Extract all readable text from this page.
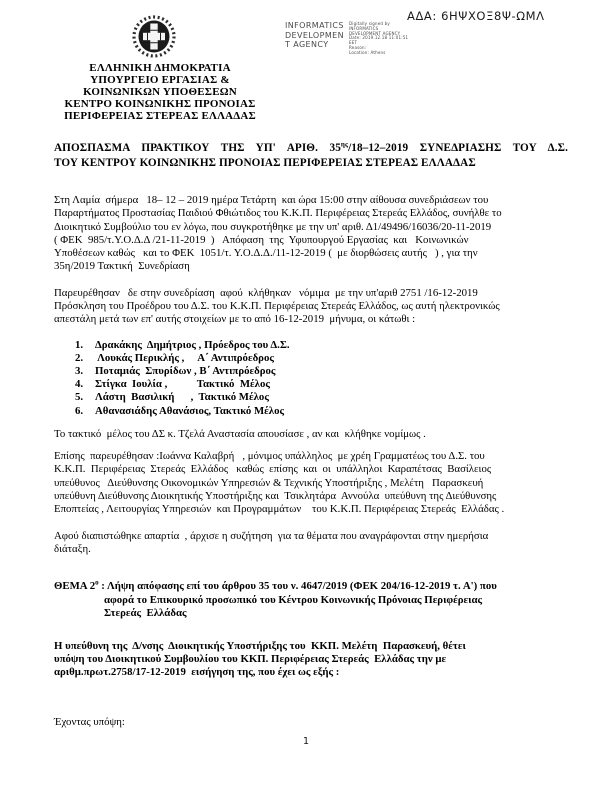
INFORMATICS
DEVELOPMEN
T AGENCY
Digitally signed by
INFORMATICS
DEVELOPMENT AGENCY
Date: 2019.12.18 11:01:51
EET
Reason:
Location: Athens
ΑΔΑ: 6ΗΨΧΟΞ8Ψ-ΩΜΛ
ΕΛΛΗΝΙΚΗ ΔΗΜΟΚΡΑΤΙΑ
ΥΠΟΥΡΓΕΙΟ ΕΡΓΑΣΙΑΣ &
ΚΟΙΝΩΝΙΚΩΝ ΥΠΟΘΕΣΕΩΝ
ΚΕΝΤΡΟ ΚΟΙΝΩΝΙΚΗΣ ΠΡΟΝΟΙΑΣ
ΠΕΡΙΦΕΡΕΙΑΣ ΣΤΕΡΕΑΣ ΕΛΛΑΔΑΣ
ΑΠΟΣΠΑΣΜΑ ΠΡΑΚΤΙΚΟΥ ΤΗΣ ΥΠ' ΑΡΙΘ. $35^{\eta\varsigma}/18-12-2019$ ΣΥΝΕΔΡΙΑΣΗΣ ΤΟΥ Δ.Σ.
ΤΟΥ ΚΕΝΤΡΟΥ ΚΟΙΝΩΝΙΚΗΣ ΠΡΟΝΟΙΑΣ ΠΕΡΙΦΕΡΕΙΑΣ ΣΤΕΡΕΑΣ ΕΛΛΑΔΑΣ
Στη Λαμία  σήμερα   18– 12 – 2019 ημέρα Τετάρτη  και ώρα 15:00 στην αίθουσα συνεδριάσεων του
Παραρτήματος Προστασίας Παιδιού Φθιώτιδος του Κ.Κ.Π. Περιφέρειας Στερεάς Ελλάδος, συνήλθε το
Διοικητικό Συμβούλιο του εν λόγω, που συγκροτήθηκε με την υπ' αριθ. Δ1/49496/16036/20-11-2019
( ΦΕΚ  985/τ.Υ.Ο.Δ.Δ /21-11-2019  )   Απόφαση  της  Υφυπουργού Εργασίας  και   Κοινωνικών
Υποθέσεων καθώς   και το ΦΕΚ  1051/τ. Υ.Ο.Δ.Δ./11-12-2019 (  με διορθώσεις αυτής   ) , για την
35η/2019 Τακτική  Συνεδρίαση
Παρευρέθησαν   δε στην συνεδρίαση  αφού  κλήθηκαν   νόμιμα  με την υπ'αριθ 2751 /16-12-2019
Πρόσκληση του Προέδρου του Δ.Σ. του Κ.Κ.Π. Περιφέρειας Στερεάς Ελλάδος, ως αυτή ηλεκτρονικώς
απεστάλη μετά των επ' αυτής στοιχείων με το από 16-12-2019  μήνυμα, οι κάτωθι :
1.	Δρακάκης  Δημήτριος , Πρόεδρος του Δ.Σ.
2.	Λουκάς Περικλής ,     Α΄ Αντιπρόεδρος
3.	Ποταμιάς  Σπυρίδων , Β΄ Αντιπρόεδρος
4.	Στίγκα  Ιουλία ,           Τακτικό  Μέλος
5.	Λάστη  Βασιλική      ,  Τακτικό Μέλος
6.	Αθανασιάδης Αθανάσιος, Τακτικό Μέλος
Το τακτικό  μέλος του ΔΣ κ. Τζελά Αναστασία απουσίασε , αν και  κλήθηκε νομίμως .
Επίσης  παρευρέθησαν :Ιωάννα Καλαβρή   , μόνιμος υπάλληλος  με χρέη Γραμματέως του Δ.Σ. του
Κ.Κ.Π.  Περιφέρειας  Στερεάς  Ελλάδος   καθώς  επίσης  και  οι  υπάλληλοι  Καραπέτσας  Βασίλειος
υπεύθυνος   Διεύθυνσης Οικονομικών Υπηρεσιών & Τεχνικής Υποστήριξης , Μελέτη   Παρασκευή
υπεύθυνη Διεύθυνσης Διοικητικής Υποστήριξης και  Τσικλητάρα  Αννούλα  υπεύθυνη της Διεύθυνσης
Εποπτείας , Λειτουργίας Υπηρεσιών  και Προγραμμάτων    του Κ.Κ.Π. Περιφέρειας Στερεάς  Ελλάδας .
Αφού διαπιστώθηκε απαρτία  , άρχισε η συζήτηση  για τα θέματα που αναγράφονται στην ημερήσια
διάταξη.
ΘΕΜΑ $2^o$ : Λήψη απόφασης επί του άρθρου 35 του ν. 4647/2019 (ΦΕΚ 204/16-12-2019 τ. Α') που
αφορά το Επικουρικό προσωπικό του Κέντρου Κοινωνικής Πρόνοιας Περιφέρειας
Στερεάς  Ελλάδας
Η υπεύθυνη της  Δ/νσης  Διοικητικής Υποστήριξης του  ΚΚΠ. Μελέτη  Παρασκευή, θέτει
υπόψη του Διοικητικού Συμβουλίου του ΚΚΠ. Περιφέρειας Στερεάς  Ελλάδας την με
αριθμ.πρωτ.2758/17-12-2019  εισήγηση της, που έχει ως εξής :
Έχοντας υπόψη:
1
